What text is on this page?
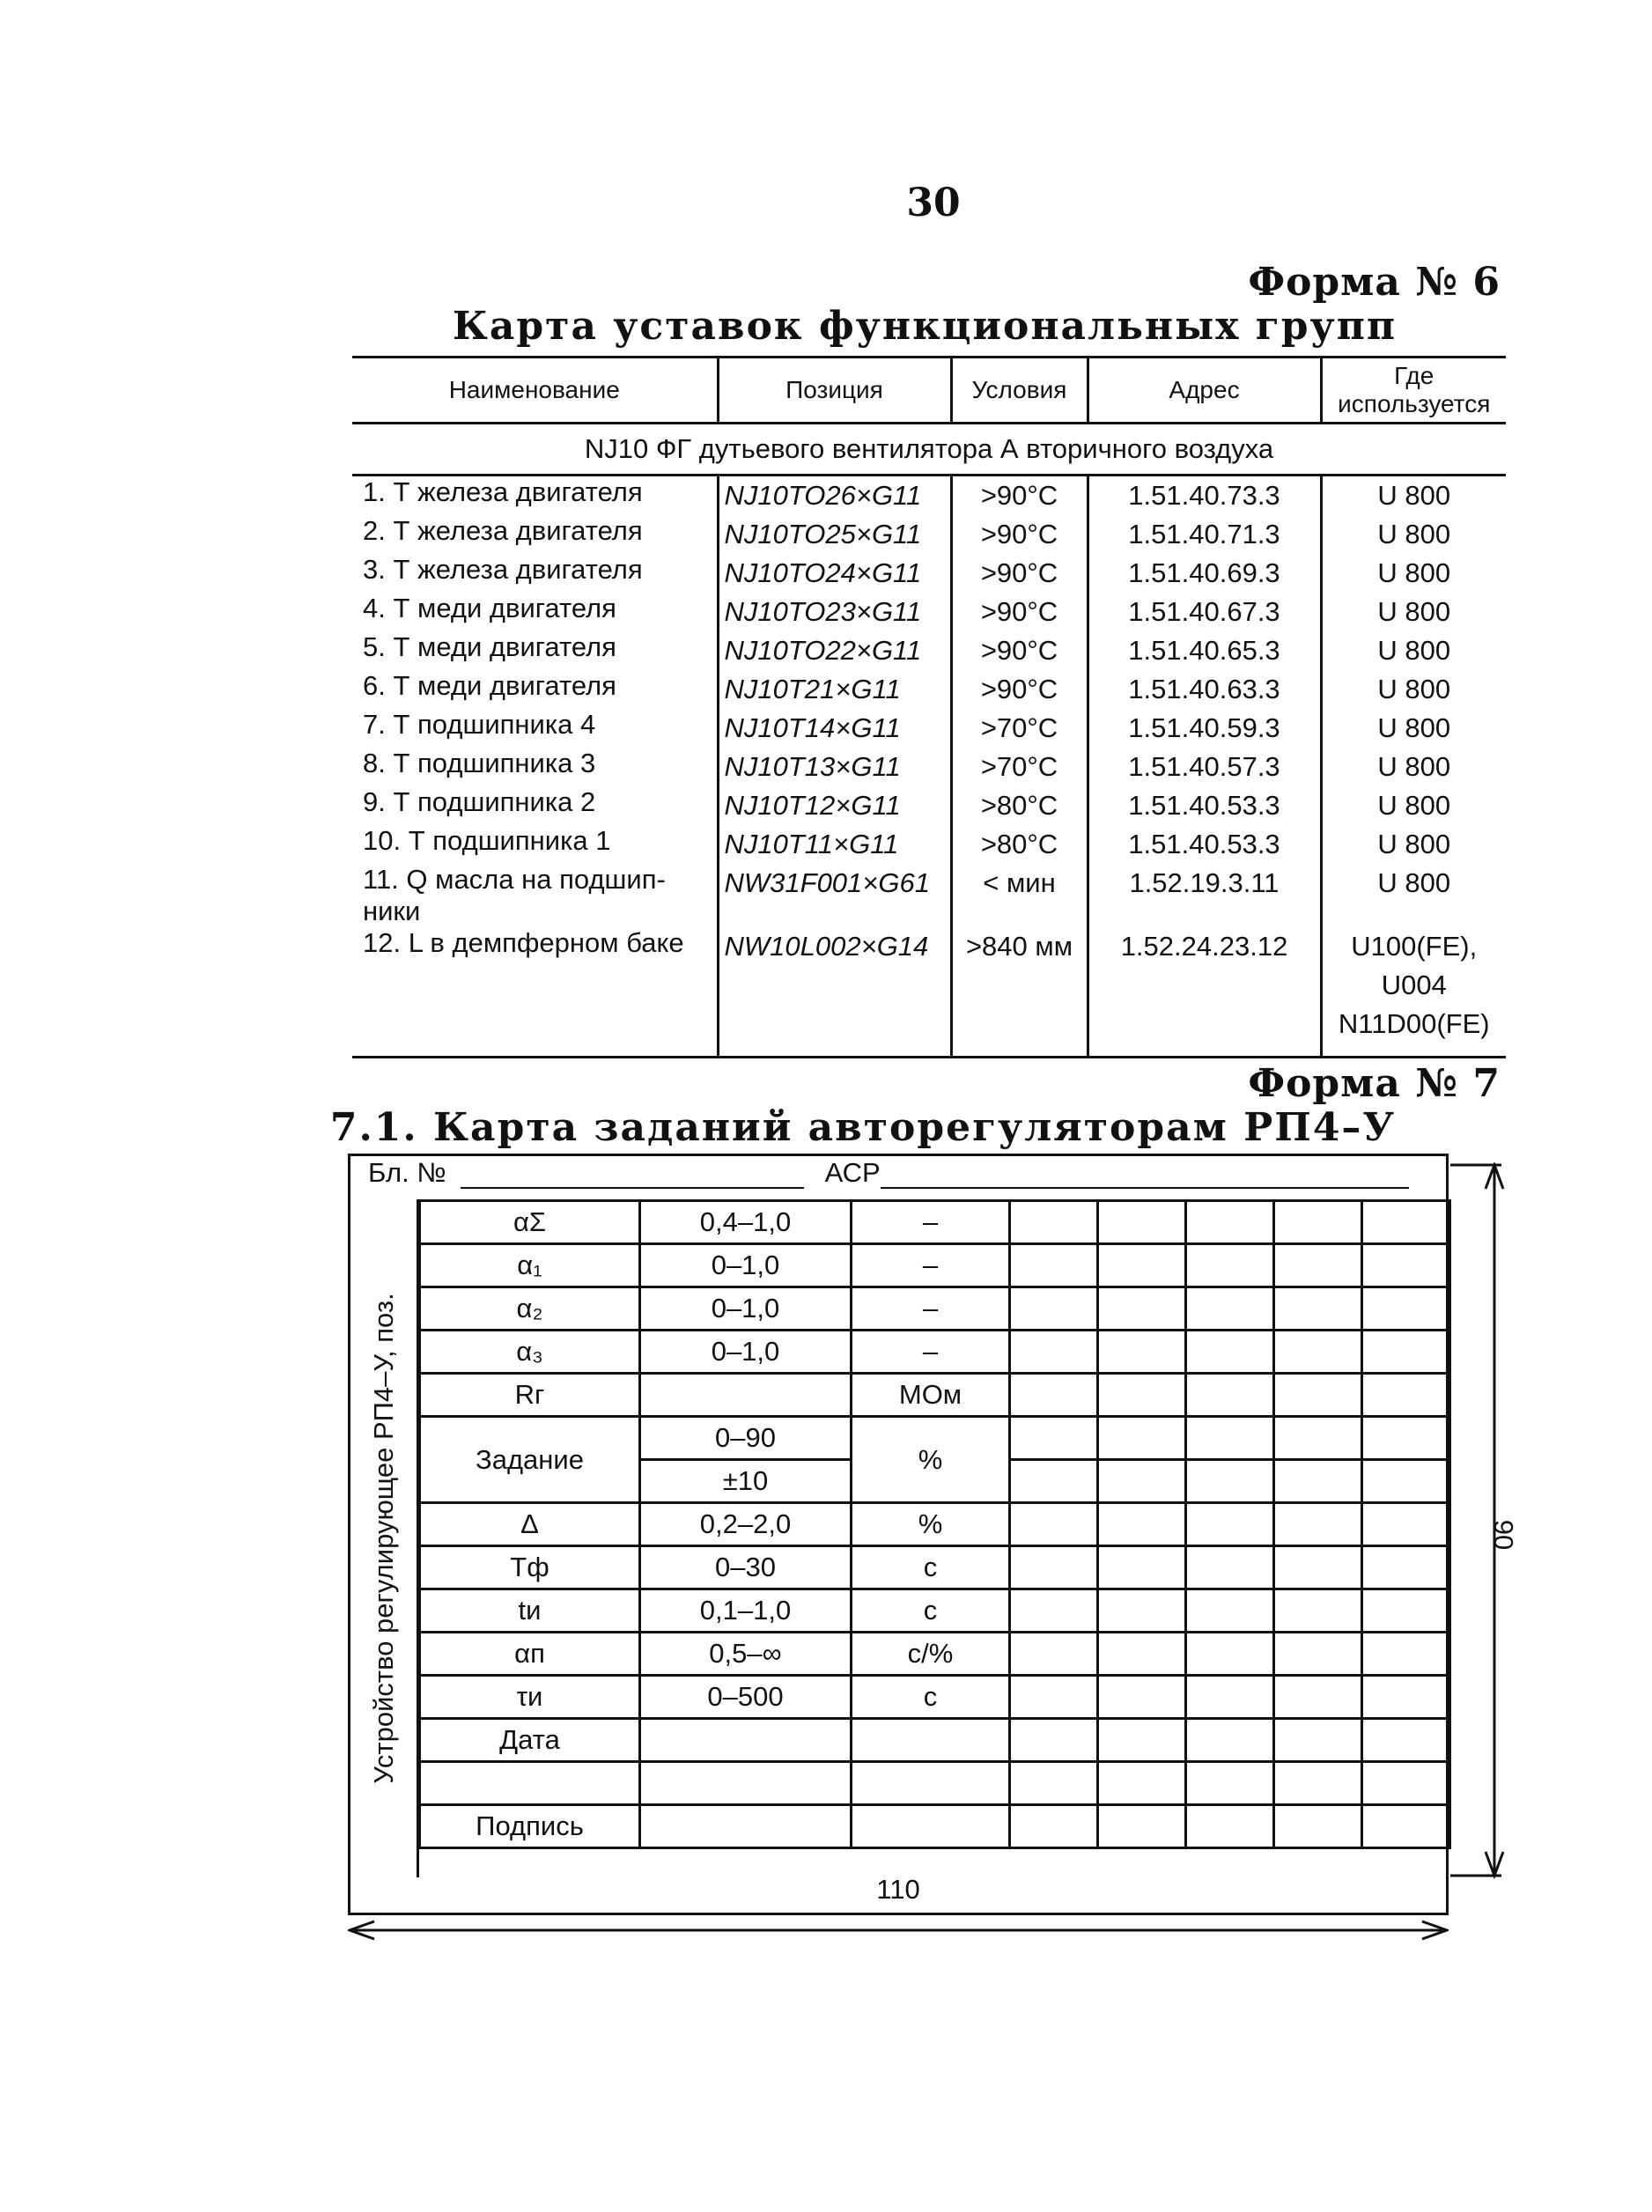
30
Форма № 6
Карта уставок функциональных групп
Наименование	Позиция	Условия	Адрес	Где используется
NJ10 ФГ дутьевого вентилятора А вторичного воздуха				
1. Т железа двигателя	NJ10TO26×G11	>90°С	1.51.40.73.3	U 800
2. Т железа двигателя	NJ10TO25×G11	>90°С	1.51.40.71.3	U 800
3. Т железа двигателя	NJ10TO24×G11	>90°С	1.51.40.69.3	U 800
4. Т меди двигателя	NJ10TO23×G11	>90°С	1.51.40.67.3	U 800
5. Т меди двигателя	NJ10TO22×G11	>90°С	1.51.40.65.3	U 800
6. Т меди двигателя	NJ10T21×G11	>90°С	1.51.40.63.3	U 800
7. Т подшипника 4	NJ10T14×G11	>70°С	1.51.40.59.3	U 800
8. Т подшипника 3	NJ10T13×G11	>70°С	1.51.40.57.3	U 800
9. Т подшипника 2	NJ10T12×G11	>80°С	1.51.40.53.3	U 800
10. Т подшипника 1	NJ10T11×G11	>80°С	1.51.40.53.3	U 800
11. Q масла на подшип-ники	NW31F001×G61	< мин	1.52.19.3.11	U 800
12. L в демпферном баке	NW10L002×G14	>840 мм	1.52.24.23.12	U100(FE), U004 N11D00(FE)

Форма № 7
7.1. Карта заданий авторегуляторам РП4–У
Бл. №	АСР
Устройство регулирующее РП4–У, поз.
αΣ	0,4–1,0	–					
α₁	0–1,0	–					
α₂	0–1,0	–					
α₃	0–1,0	–					
Rг		МОм					
Задание	0–90	%					
	±10						
Δ	0,2–2,0	%					
Тф	0–30	с					
tи	0,1–1,0	с					
αп	0,5–∞	с/%					
τи	0–500	с					
Дата							

Подпись							
110
90
